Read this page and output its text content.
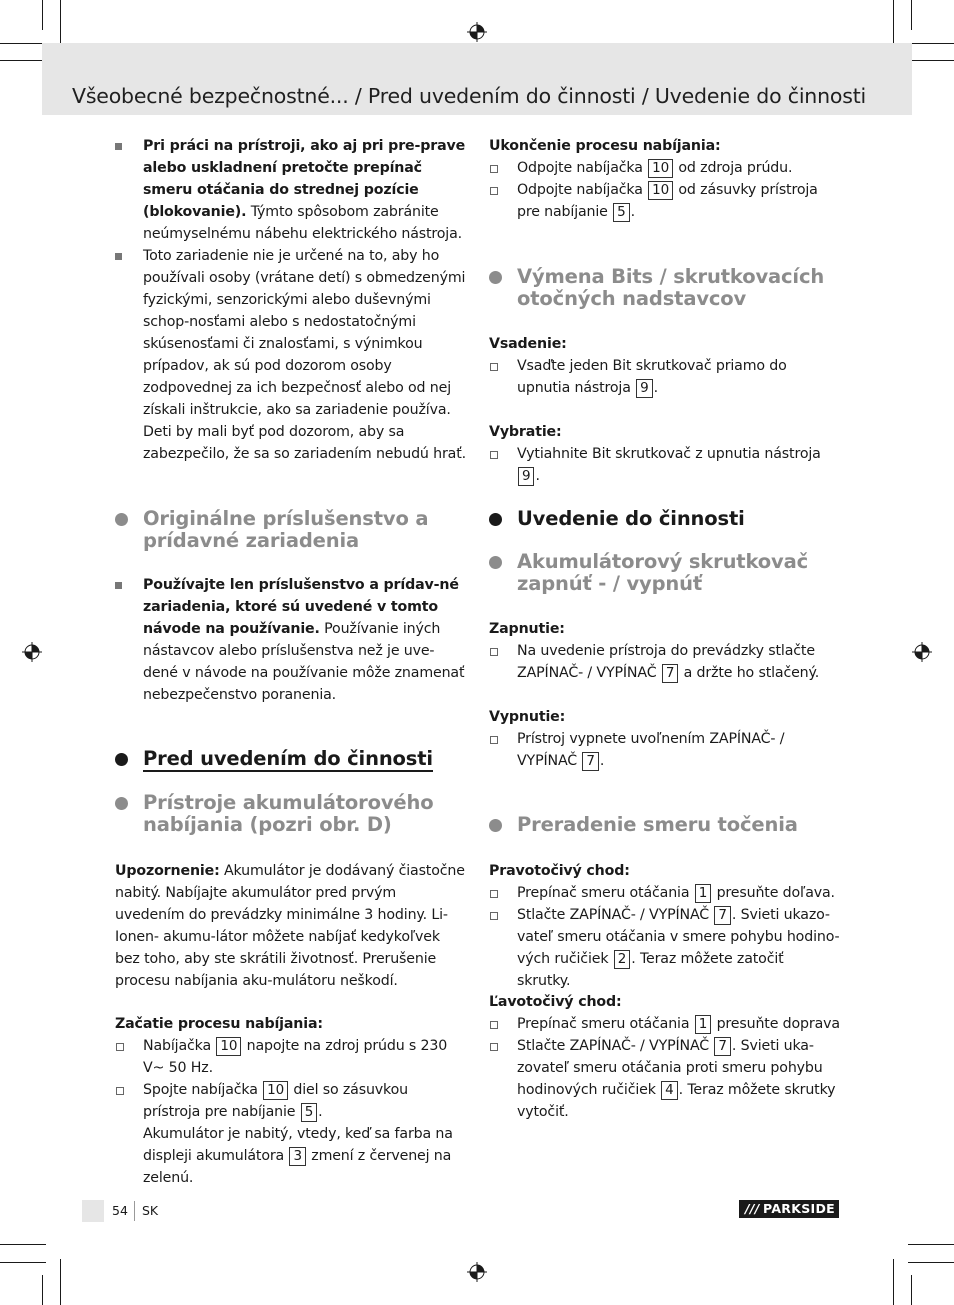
Všeobecné bezpečnostné... / Pred uvedením do činnosti / Uvedenie do činnosti
Pri práci na prístroji, ako aj pri pre-prave alebo uskladnení pretočte prepínač smeru otáčania do strednej pozície (blokovanie). Týmto spôsobom zabránite neúmyselnému nábehu elektrického nástroja.
Toto zariadenie nie je určené na to, aby ho používali osoby (vrátane detí) s obmedzenými fyzickými, senzorickými alebo duševnými schop-nosťami alebo s nedostatočnými skúsenosťami či znalosťami, s výnimkou prípadov, ak sú pod dozorom osoby zodpovednej za ich bezpečnosť alebo od nej získali inštrukcie, ako sa zariadenie používa. Deti by mali byť pod dozorom, aby sa zabezpečilo, že sa so zariadením nebudú hrať.
Originálne príslušenstvo a prídavné zariadenia
Používajte len príslušenstvo a prídav-né zariadenia, ktoré sú uvedené v tomto návode na používanie. Používanie iných nástavcov alebo príslušenstva než je uve-dené v návode na používanie môže znamenať nebezpečenstvo poranenia.
Pred uvedením do činnosti
Prístroje akumulátorového nabíjania (pozri obr. D)
Upozornenie: Akumulátor je dodávaný čiastočne nabitý. Nabíjajte akumulátor pred prvým uvedením do prevádzky minimálne 3 hodiny. Li-Ionen- akumu-látor môžete nabíjať kedykoľvek bez toho, aby ste skrátili životnosť. Prerušenie procesu nabíjania aku-mulátoru neškodí.
Začatie procesu nabíjania:
Nabíjačka 10 napojte na zdroj prúdu s 230 V~ 50 Hz.
Spojte nabíjačka 10 diel so zásuvkou prístroja pre nabíjanie 5 .
Akumulátor je nabitý, vtedy, keď sa farba na displeji akumulátora 3 zmení z červenej na zelenú.
Ukončenie procesu nabíjania:
Odpojte nabíjačka 10 od zdroja prúdu.
Odpojte nabíjačka 10 od zásuvky prístroja pre nabíjanie 5 .
Výmena Bits / skrutkovacích otočných nadstavcov
Vsadenie:
Vsaďte jeden Bit skrutkovač priamo do upnutia nástroja 9 .
Vybratie:
Vytiahnite Bit skrutkovač z upnutia nástroja 9 .
Uvedenie do činnosti
Akumulátorový skrutkovač zapnúť - / vypnúť
Zapnutie:
Na uvedenie prístroja do prevádzky stlačte ZAPÍNAČ- / VYPÍNAČ 7 a držte ho stlačený.
Vypnutie:
Prístroj vypnete uvoľnením ZAPÍNAČ- / VYPÍNAČ 7 .
Preradenie smeru točenia
Pravotočivý chod:
Prepínač smeru otáčania 1 presuňte doľava.
Stlačte ZAPÍNAČ- / VYPÍNAČ 7 . Svieti ukazo-vateľ smeru otáčania v smere pohybu hodino-vých ručičiek 2 . Teraz môžete zatočiť skrutky.
Ľavotočivý chod:
Prepínač smeru otáčania 1 presuňte doprava
Stlačte ZAPÍNAČ- / VYPÍNAČ 7 . Svieti uka-zovateľ smeru otáčania proti smeru pohybu hodinových ručičiek 4 . Teraz môžete skrutky vytočiť.
54 SK	/// PARKSIDE
